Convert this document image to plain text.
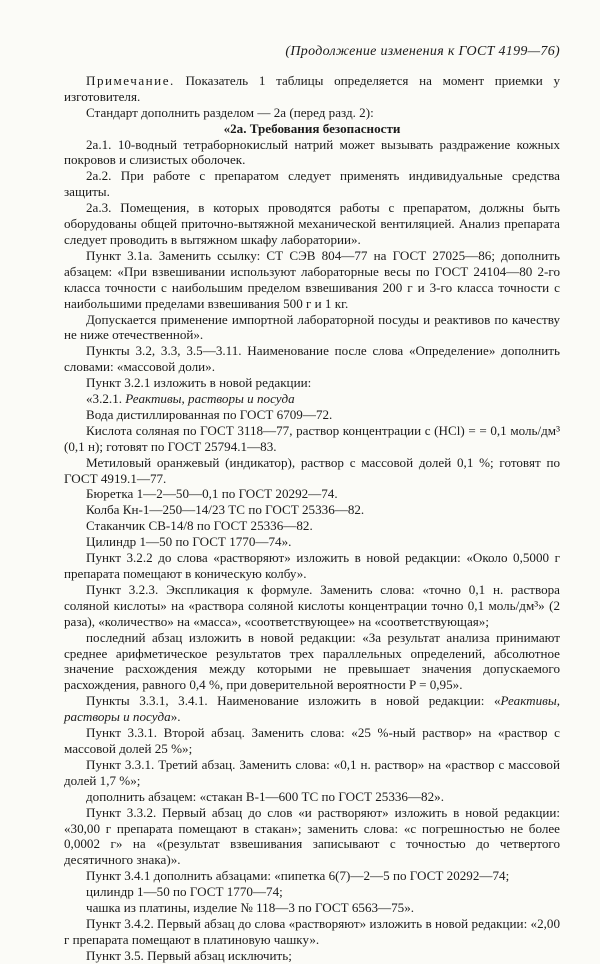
(Продолжение изменения к ГОСТ 4199—76)

Примечание. Показатель 1 таблицы определяется на момент приемки у изготовителя.

Стандарт дополнить разделом — 2а (перед разд. 2):

«2а. Требования безопасности

2а.1. 10-водный тетраборнокислый натрий может вызывать раздражение кожных покровов и слизистых оболочек.

2а.2. При работе с препаратом следует применять индивидуальные средства защиты.

2а.3. Помещения, в которых проводятся работы с препаратом, должны быть оборудованы общей приточно-вытяжной механической вентиляцией. Анализ препарата следует проводить в вытяжном шкафу лаборатории».

Пункт 3.1а. Заменить ссылку: СТ СЭВ 804—77 на ГОСТ 27025—86; дополнить абзацем: «При взвешивании используют лабораторные весы по ГОСТ 24104—80 2-го класса точности с наибольшим пределом взвешивания 200 г и 3-го класса точности с наибольшими пределами взвешивания 500 г и 1 кг.

Допускается применение импортной лабораторной посуды и реактивов по качеству не ниже отечественной».

Пункты 3.2, 3.3, 3.5—3.11. Наименование после слова «Определение» дополнить словами: «массовой доли».

Пункт 3.2.1 изложить в новой редакции:

«3.2.1. Реактивы, растворы и посуда

Вода дистиллированная по ГОСТ 6709—72.

Кислота соляная по ГОСТ 3118—77, раствор концентрации с (HCl) = = 0,1 моль/дм³ (0,1 н); готовят по ГОСТ 25794.1—83.

Метиловый оранжевый (индикатор), раствор с массовой долей 0,1 %; готовят по ГОСТ 4919.1—77.

Бюретка 1—2—50—0,1 по ГОСТ 20292—74.

Колба Кн-1—250—14/23 ТС по ГОСТ 25336—82.

Стаканчик СВ-14/8 по ГОСТ 25336—82.

Цилиндр 1—50 по ГОСТ 1770—74».

Пункт 3.2.2 до слова «растворяют» изложить в новой редакции: «Около 0,5000 г препарата помещают в коническую колбу».

Пункт 3.2.3. Экспликация к формуле. Заменить слова: «точно 0,1 н. раствора соляной кислоты» на «раствора соляной кислоты концентрации точно 0,1 моль/дм³» (2 раза), «количество» на «масса», «соответствующее» на «соответствующая»;

последний абзац изложить в новой редакции: «За результат анализа принимают среднее арифметическое результатов трех параллельных определений, абсолютное значение расхождения между которыми не превышает значения допускаемого расхождения, равного 0,4 %, при доверительной вероятности P = 0,95».

Пункты 3.3.1, 3.4.1. Наименование изложить в новой редакции: «Реактивы, растворы и посуда».

Пункт 3.3.1. Второй абзац. Заменить слова: «25 %-ный раствор» на «раствор с массовой долей 25 %»;

Пункт 3.3.1. Третий абзац. Заменить слова: «0,1 н. раствор» на «раствор с массовой долей 1,7 %»;

дополнить абзацем: «стакан В-1—600 ТС по ГОСТ 25336—82».

Пункт 3.3.2. Первый абзац до слов «и растворяют» изложить в новой редакции: «30,00 г препарата помещают в стакан»; заменить слова: «с погрешностью не более 0,0002 г» на «(результат взвешивания записывают с точностью до четвертого десятичного знака)».

Пункт 3.4.1 дополнить абзацами: «пипетка 6(7)—2—5 по ГОСТ 20292—74;

цилиндр 1—50 по ГОСТ 1770—74;

чашка из платины, изделие № 118—3 по ГОСТ 6563—75».

Пункт 3.4.2. Первый абзац до слова «растворяют» изложить в новой редакции: «2,00 г препарата помещают в платиновую чашку».

Пункт 3.5. Первый абзац исключить;
